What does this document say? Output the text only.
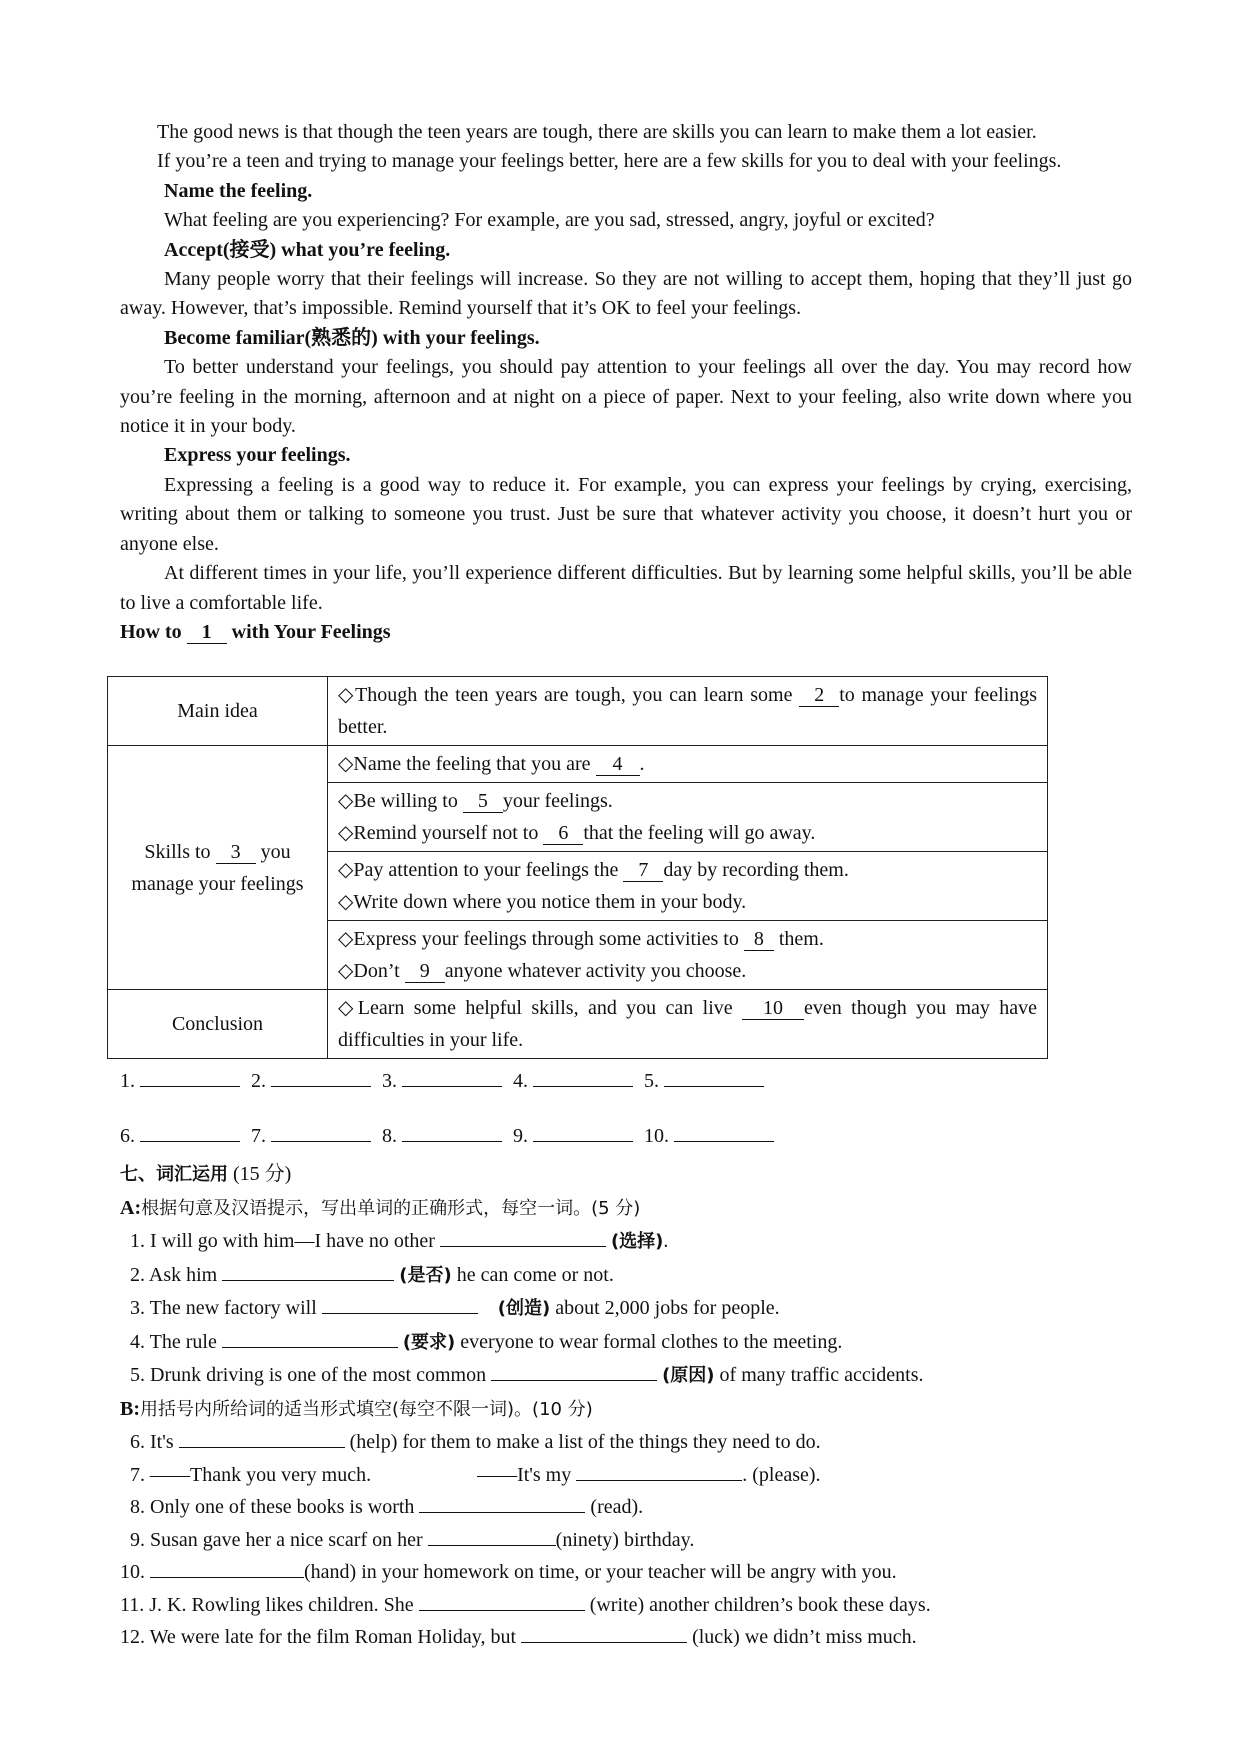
The good news is that though the teen years are tough, there are skills you can learn to make them a lot easier.

If you’re a teen and trying to manage your feelings better, here are a few skills for you to deal with your feelings.

Name the feeling.

What feeling are you experiencing? For example, are you sad, stressed, angry, joyful or excited?

Accept(接受) what you’re feeling.

Many people worry that their feelings will increase. So they are not willing to accept them, hoping that they’ll just go away. However, that’s impossible. Remind yourself that it’s OK to feel your feelings.

Become familiar(熟悉的) with your feelings.

To better understand your feelings, you should pay attention to your feelings all over the day. You may record how you’re feeling in the morning, afternoon and at night on a piece of paper. Next to your feeling, also write down where you notice it in your body.

Express your feelings.

Expressing a feeling is a good way to reduce it. For example, you can express your feelings by crying, exercising, writing about them or talking to someone you trust. Just be sure that whatever activity you choose, it doesn’t hurt you or anyone else.

At different times in your life, you’ll experience different difficulties. But by learning some helpful skills, you’ll be able to live a comfortable life.

How to 1 with Your Feelings

Main idea	◇Though the teen years are tough, you can learn some 2 to manage your feelings better.
Skills to 3 you manage your feelings	◇Name the feeling that you are 4 .

	◇Be willing to 5 your feelings.
◇Remind yourself not to 6 that the feeling will go away.

	◇Pay attention to your feelings the 7 day by recording them.
◇Write down where you notice them in your body.

	◇Express your feelings through some activities to 8 them.
◇Don’t 9 anyone whatever activity you choose.

Conclusion	◇Learn some helpful skills, and you can live 10 even though you may have difficulties in your life.
1.	2.	3.	4.	5.
6.	7.	8.	9.	10.

七、词汇运用 (15 分)

A:根据句意及汉语提示，写出单词的正确形式，每空一词。(5 分)

1. I will go with him—I have no other	(选择).

2. Ask him	(是否) he can come or not.

3. The new factory will	(创造) about 2,000 jobs for people.

4. The rule	(要求) everyone to wear formal clothes to the meeting.

5. Drunk driving is one of the most common	(原因) of many traffic accidents.

B:用括号内所给词的适当形式填空(每空不限一词)。(10 分)

6. It's	(help) for them to make a list of the things they need to do.

7. ——Thank you very much.	——It's my	. (please).

8. Only one of these books is worth	(read).

9. Susan gave her a nice scarf on her	(ninety) birthday.

10.	(hand) in your homework on time, or your teacher will be angry with you.

11. J. K. Rowling likes children. She	(write) another children’s book these days.

12. We were late for the film Roman Holiday, but	(luck) we didn’t miss much.
